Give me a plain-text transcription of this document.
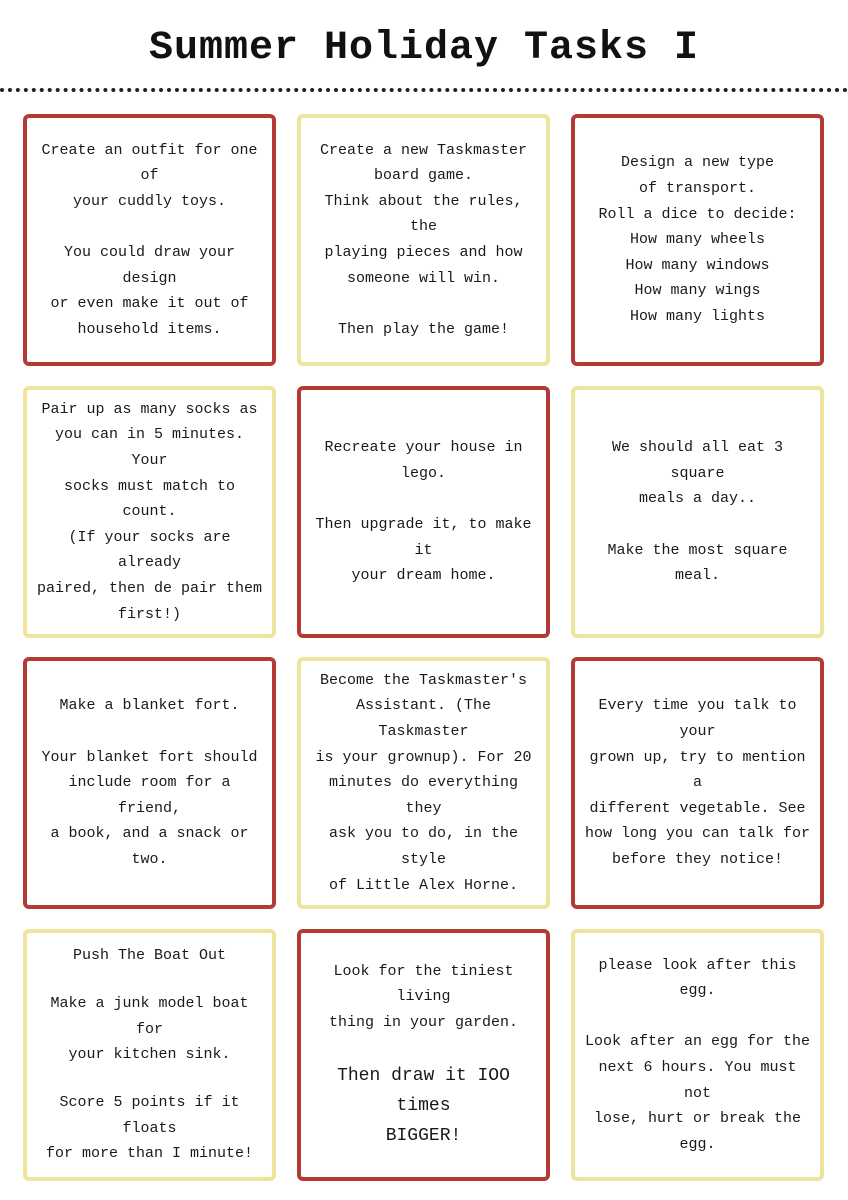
Summer Holiday Tasks I

Create an outfit for one of
your cuddly toys.

You could draw your design
or even make it out of
household items.

Create a new Taskmaster
board game.
Think about the rules, the
playing pieces and how
someone will win.

Then play the game!

Design a new type
of transport.
Roll a dice to decide:
How many wheels
How many windows
How many wings
How many lights

Pair up as many socks as
you can in 5 minutes. Your
socks must match to count.

(If your socks are already
paired, then de pair them
first!)

Recreate your house in
lego.

Then upgrade it, to make it
your dream home.

We should all eat 3 square
meals a day..

Make the most square meal.

Make a blanket fort.

Your blanket fort should
include room for a friend,
a book, and a snack or two.

Become the Taskmaster's
Assistant. (The Taskmaster
is your grownup). For 20
minutes do everything they
ask you to do, in the style
of Little Alex Horne.

Every time you talk to your
grown up, try to mention a
different vegetable. See
how long you can talk for
before they notice!

Push The Boat Out

Make a junk model boat for
your kitchen sink.

Score 5 points if it floats
for more than I minute!

Look for the tiniest living
thing in your garden.

Then draw it IOO times
BIGGER!

please look after this egg.

Look after an egg for the
next 6 hours. You must not
lose, hurt or break the
egg.
